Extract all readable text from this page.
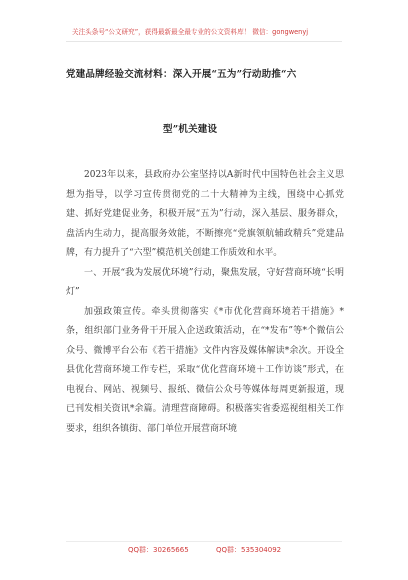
关注头条号“公文研究”，获得最新最全最专业的公文资料库！ 微信：gongwenyj
党建品牌经验交流材料：深入开展“五为”行动助推“六
型”机关建设

2023年以来，县政府办公室坚持以A新时代中国特色社会主义思想为指导，以学习宣传贯彻党的二十大精神为主线，围绕中心抓党建、抓好党建促业务，积极开展“五为”行动，深入基层、服务群众，盘活内生动力，提高服务效能，不断擦亮“党旗领航辅政精兵”党建品牌，有力提升了“六型”模范机关创建工作质效和水平。

一、开展“我为发展优环境”行动，聚焦发展，守好营商环境“长明灯”

加强政策宣传。牵头贯彻落实《*市优化营商环境若干措施》*条，组织部门业务骨干开展入企送政策活动，在“*发布”等*个微信公众号、微博平台公布《若干措施》文件内容及媒体解读*余次。开设全县优化营商环境工作专栏，采取“优化营商环境＋工作访谈”形式，在电视台、网站、视频号、报纸、微信公众号等媒体每周更新报道，现已刊发相关资讯*余篇。清理营商障碍。积极落实省委巡视组相关工作要求，组织各镇街、部门单位开展营商环境

QQ群：30265665	QQ群：535304092
